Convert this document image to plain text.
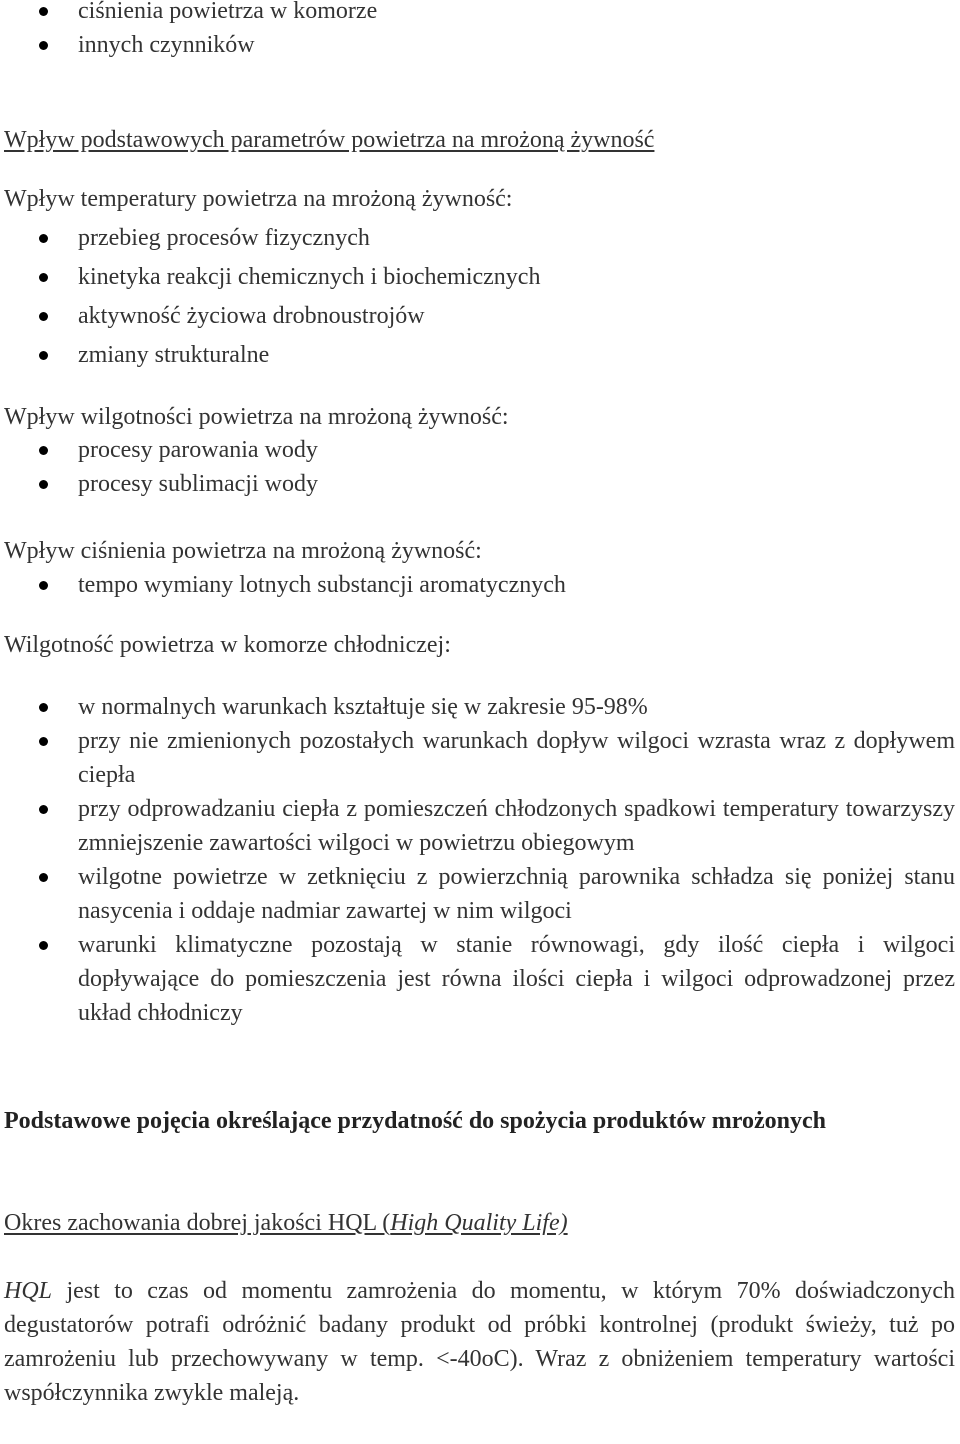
ciśnienia powietrza w komorze
innych czynników

Wpływ podstawowych parametrów powietrza na mrożoną żywność

Wpływ temperatury powietrza na mrożoną żywność:

przebieg procesów fizycznych
kinetyka reakcji chemicznych i biochemicznych
aktywność życiowa drobnoustrojów
zmiany strukturalne

Wpływ wilgotności powietrza na mrożoną żywność:

procesy parowania wody
procesy sublimacji wody

Wpływ ciśnienia powietrza na mrożoną żywność:

tempo wymiany lotnych substancji aromatycznych

Wilgotność powietrza w komorze chłodniczej:

w normalnych warunkach kształtuje się w zakresie 95-98%
przy nie zmienionych pozostałych warunkach dopływ wilgoci wzrasta wraz z dopływem ciepła
przy odprowadzaniu ciepła z pomieszczeń chłodzonych spadkowi temperatury towarzyszy zmniejszenie zawartości wilgoci w powietrzu obiegowym
wilgotne powietrze w zetknięciu z powierzchnią parownika schładza się poniżej stanu nasycenia i oddaje nadmiar zawartej w nim wilgoci
warunki klimatyczne pozostają w stanie równowagi, gdy ilość ciepła i wilgoci dopływające do pomieszczenia jest równa ilości ciepła i wilgoci odprowadzonej przez układ chłodniczy

Podstawowe pojęcia określające przydatność do spożycia produktów mrożonych

Okres zachowania dobrej jakości HQL (High Quality Life)

HQL jest to czas od momentu zamrożenia do momentu, w którym 70% doświadczonych degustatorów potrafi odróżnić badany produkt od próbki kontrolnej (produkt świeży, tuż po zamrożeniu lub przechowywany w temp. <-40oC). Wraz z obniżeniem temperatury wartości współczynnika zwykle maleją.
